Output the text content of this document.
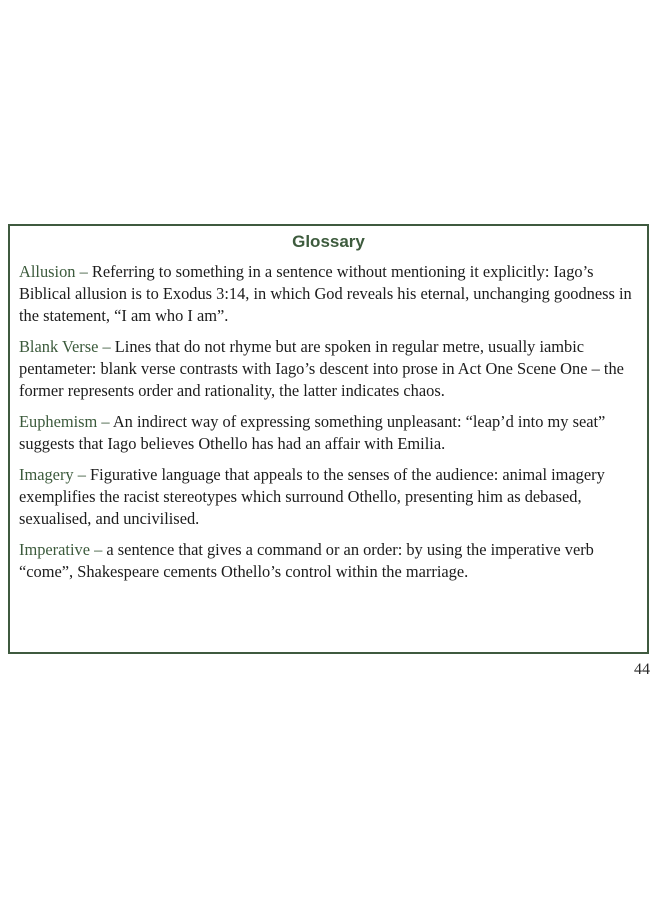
Glossary

Allusion – Referring to something in a sentence without mentioning it explicitly: Iago’s Biblical allusion is to Exodus 3:14, in which God reveals his eternal, unchanging goodness in the statement, “I am who I am”.

Blank Verse – Lines that do not rhyme but are spoken in regular metre, usually iambic pentameter: blank verse contrasts with Iago’s descent into prose in Act One Scene One – the former represents order and rationality, the latter indicates chaos.

Euphemism – An indirect way of expressing something unpleasant: “leap’d into my seat” suggests that Iago believes Othello has had an affair with Emilia.

Imagery – Figurative language that appeals to the senses of the audience: animal imagery exemplifies the racist stereotypes which surround Othello, presenting him as debased, sexualised, and uncivilised.

Imperative – a sentence that gives a command or an order: by using the imperative verb “come”, Shakespeare cements Othello’s control within the marriage.

44
